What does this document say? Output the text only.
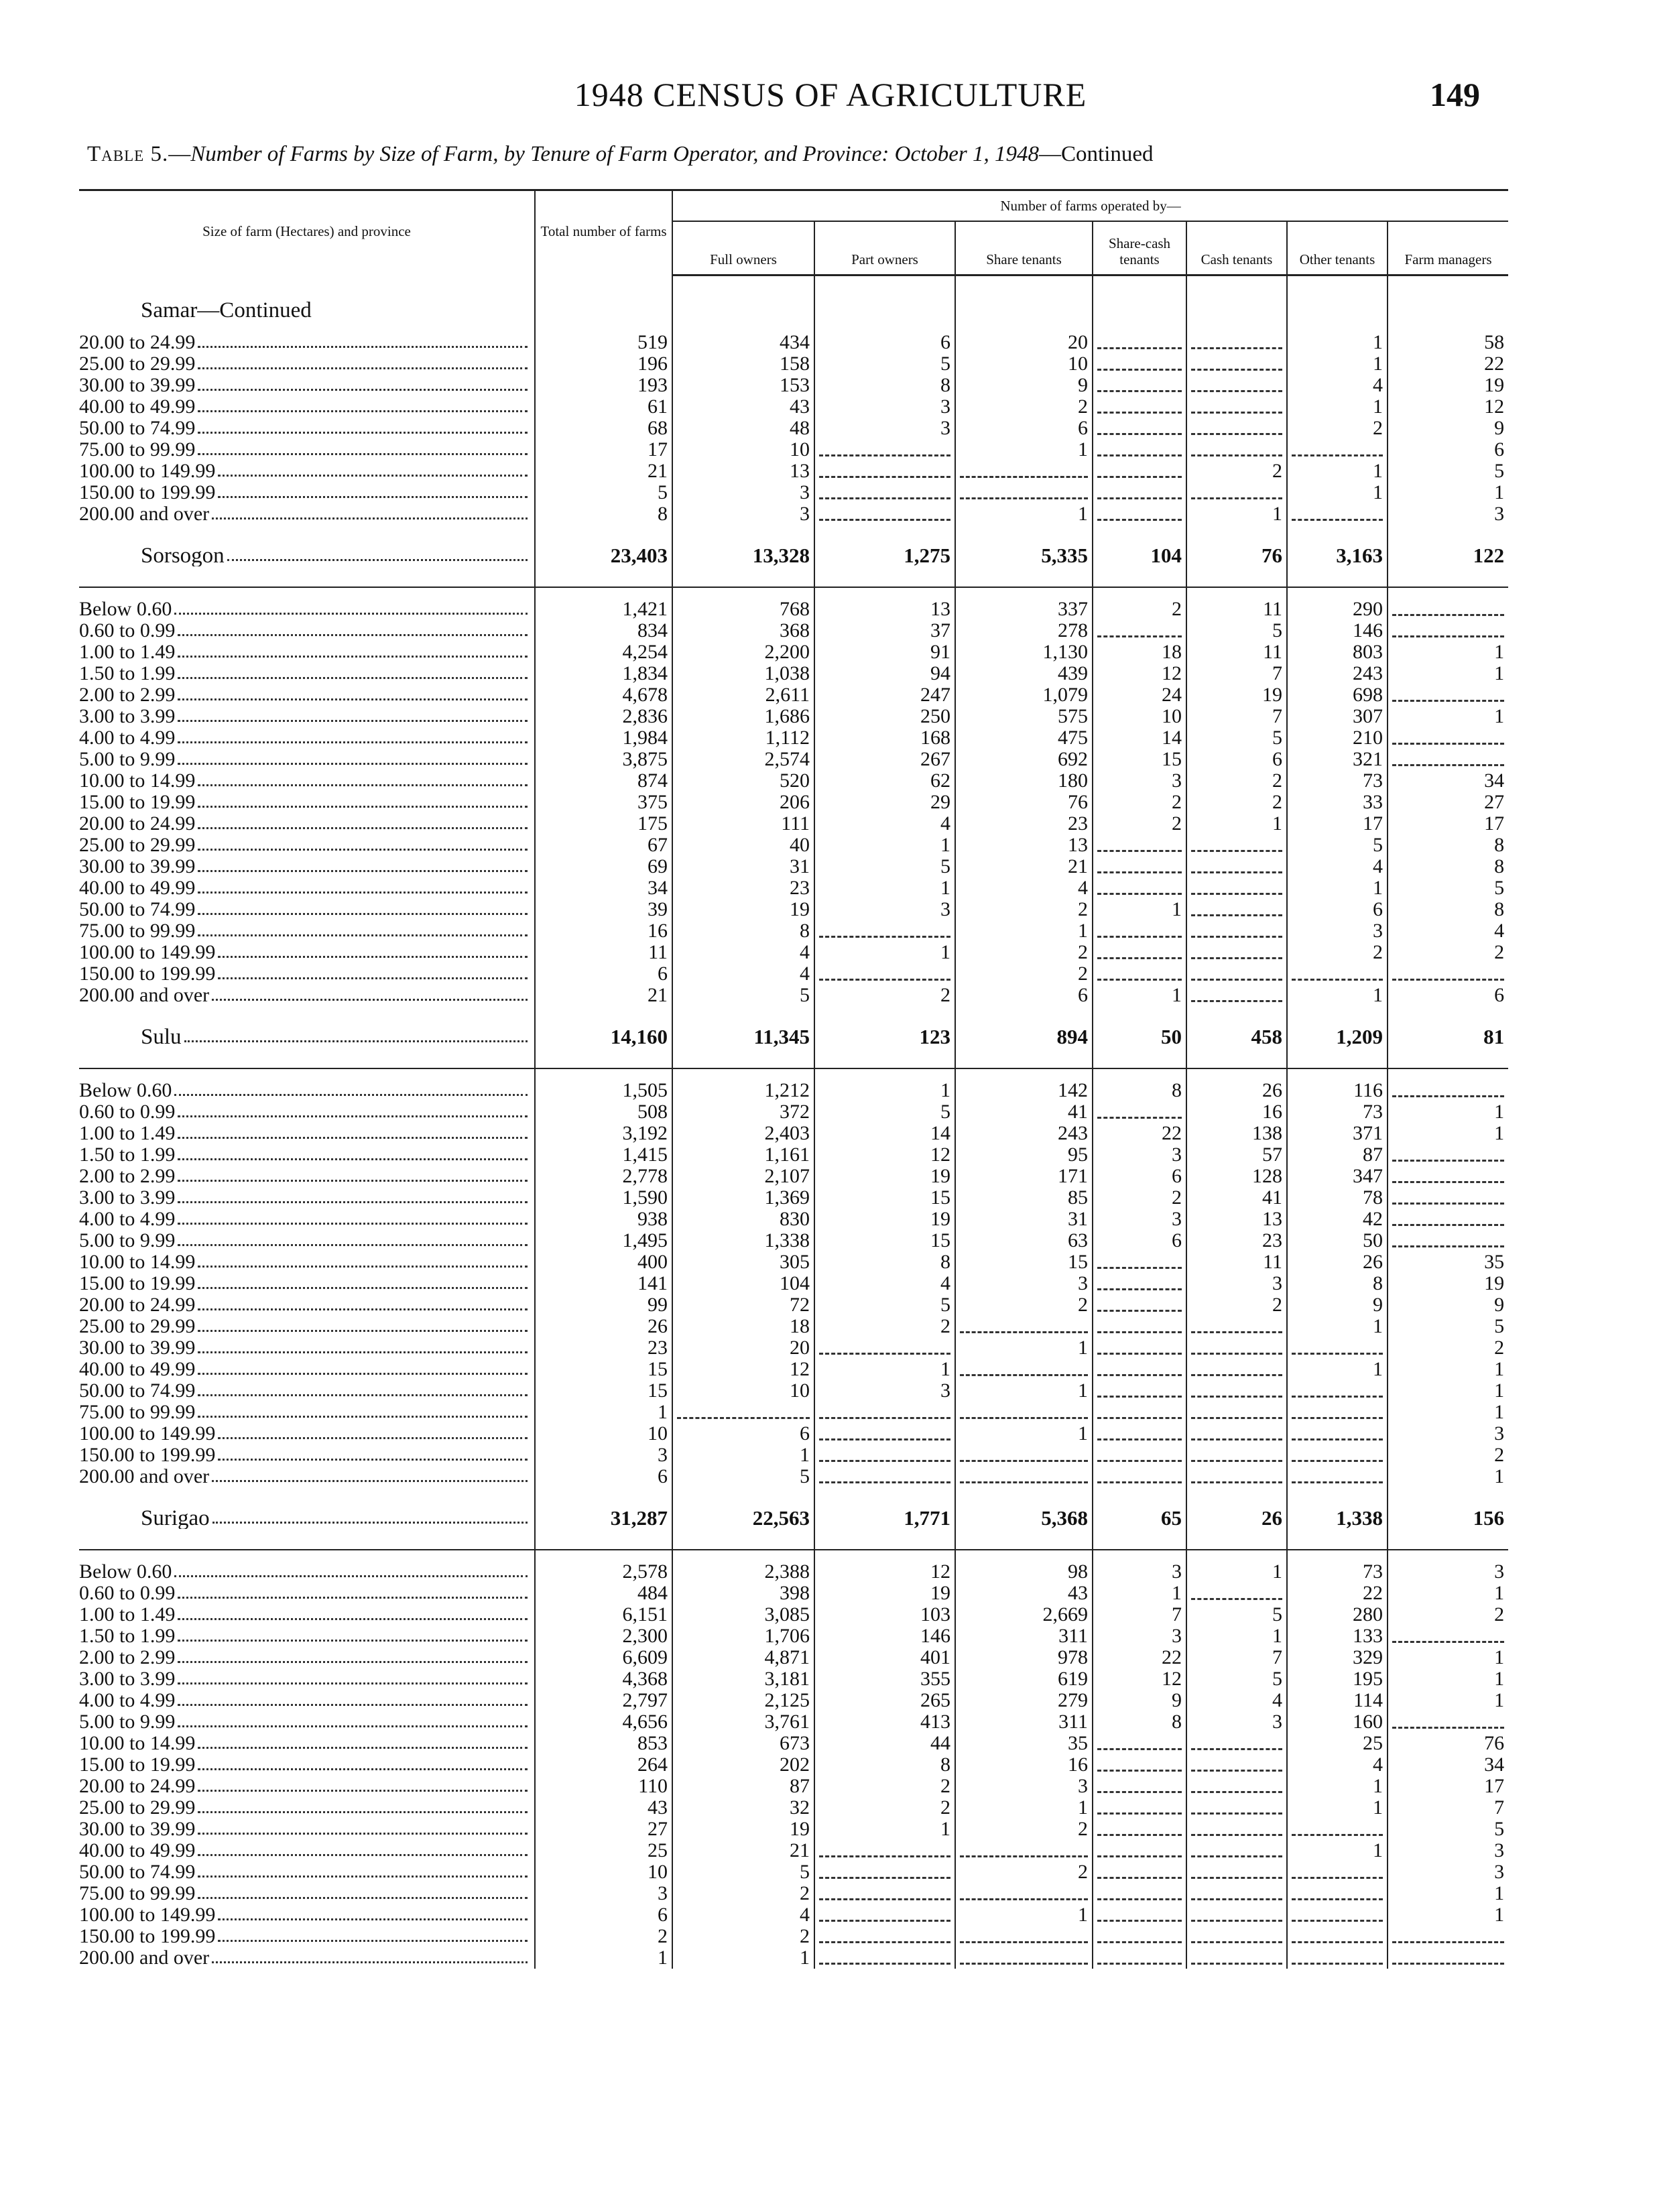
1948 CENSUS OF AGRICULTURE	149
Table 5.—Number of Farms by Size of Farm, by Tenure of Farm Operator, and Province: October 1, 1948—Continued
Size of farm (Hectares) and province	Total number of farms	Number of farms operated by—						
		Full owners	Part owners	Share tenants	Share-cash tenants	Cash tenants	Other tenants	Farm managers

Samar—Continued								

20.00 to 24.99	519	434	6	20			1	58

25.00 to 29.99	196	158	5	10			1	22

30.00 to 39.99	193	153	8	9			4	19

40.00 to 49.99	61	43	3	2			1	12

50.00 to 74.99	68	48	3	6			2	9

75.00 to 99.99	17	10		1				6

100.00 to 149.99	21	13				2	1	5

150.00 to 199.99	5	3					1	1

200.00 and over	8	3		1		1		3

Sorsogon	23,403	13,328	1,275	5,335	104	76	3,163	122

Below 0.60	1,421	768	13	337	2	11	290	

0.60 to 0.99	834	368	37	278		5	146	

1.00 to 1.49	4,254	2,200	91	1,130	18	11	803	1

1.50 to 1.99	1,834	1,038	94	439	12	7	243	1

2.00 to 2.99	4,678	2,611	247	1,079	24	19	698	

3.00 to 3.99	2,836	1,686	250	575	10	7	307	1

4.00 to 4.99	1,984	1,112	168	475	14	5	210	

5.00 to 9.99	3,875	2,574	267	692	15	6	321	

10.00 to 14.99	874	520	62	180	3	2	73	34

15.00 to 19.99	375	206	29	76	2	2	33	27

20.00 to 24.99	175	111	4	23	2	1	17	17

25.00 to 29.99	67	40	1	13			5	8

30.00 to 39.99	69	31	5	21			4	8

40.00 to 49.99	34	23	1	4			1	5

50.00 to 74.99	39	19	3	2	1		6	8

75.00 to 99.99	16	8		1			3	4

100.00 to 149.99	11	4	1	2			2	2

150.00 to 199.99	6	4		2	

200.00 and over	21	5	2	6	1		1	6

Sulu	14,160	11,345	123	894	50	458	1,209	81

Below 0.60	1,505	1,212	1	142	8	26	116	

0.60 to 0.99	508	372	5	41		16	73	1

1.00 to 1.49	3,192	2,403	14	243	22	138	371	1

1.50 to 1.99	1,415	1,161	12	95	3	57	87	

2.00 to 2.99	2,778	2,107	19	171	6	128	347	

3.00 to 3.99	1,590	1,369	15	85	2	41	78	

4.00 to 4.99	938	830	19	31	3	13	42	

5.00 to 9.99	1,495	1,338	15	63	6	23	50	

10.00 to 14.99	400	305	8	15		11	26	35

15.00 to 19.99	141	104	4	3		3	8	19

20.00 to 24.99	99	72	5	2		2	9	9

25.00 to 29.99	26	18	2				1	5

30.00 to 39.99	23	20		1				2

40.00 to 49.99	15	12	1				1	1

50.00 to 74.99	15	10	3	1				1

75.00 to 99.99	1							1

100.00 to 149.99	10	6		1				3

150.00 to 199.99	3	1						2

200.00 and over	6	5						1

Surigao	31,287	22,563	1,771	5,368	65	26	1,338	156

Below 0.60	2,578	2,388	12	98	3	1	73	3

0.60 to 0.99	484	398	19	43	1		22	1

1.00 to 1.49	6,151	3,085	103	2,669	7	5	280	2

1.50 to 1.99	2,300	1,706	146	311	3	1	133	

2.00 to 2.99	6,609	4,871	401	978	22	7	329	1

3.00 to 3.99	4,368	3,181	355	619	12	5	195	1

4.00 to 4.99	2,797	2,125	265	279	9	4	114	1

5.00 to 9.99	4,656	3,761	413	311	8	3	160	

10.00 to 14.99	853	673	44	35			25	76

15.00 to 19.99	264	202	8	16			4	34

20.00 to 24.99	110	87	2	3			1	17

25.00 to 29.99	43	32	2	1			1	7

30.00 to 39.99	27	19	1	2				5

40.00 to 49.99	25	21					1	3

50.00 to 74.99	10	5		2				3

75.00 to 99.99	3	2						1

100.00 to 149.99	6	4		1				1

150.00 to 199.99	2	2	

200.00 and over	1	1	
